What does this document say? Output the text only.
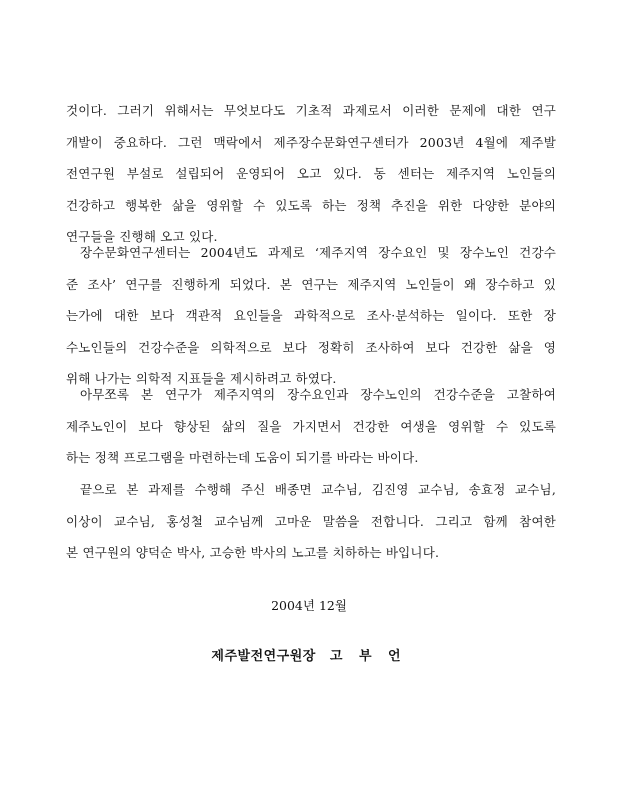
것이다. 그러기 위해서는 무엇보다도 기초적 과제로서 이러한 문제에 대한 연구
개발이 중요하다. 그런 맥락에서 제주장수문화연구센터가 2003년 4월에 제주발
전연구원 부설로 설립되어 운영되어 오고 있다. 동 센터는 제주지역 노인들의
건강하고 행복한 삶을 영위할 수 있도록 하는 정책 추진을 위한 다양한 분야의
연구들을 진행해 오고 있다.
장수문화연구센터는 2004년도 과제로 ‘제주지역 장수요인 및 장수노인 건강수
준 조사’ 연구를 진행하게 되었다. 본 연구는 제주지역 노인들이 왜 장수하고 있
는가에 대한 보다 객관적 요인들을 과학적으로 조사·분석하는 일이다. 또한 장
수노인들의 건강수준을 의학적으로 보다 정확히 조사하여 보다 건강한 삶을 영
위해 나가는 의학적 지표들을 제시하려고 하였다.
아무쪼록 본 연구가 제주지역의 장수요인과 장수노인의 건강수준을 고찰하여
제주노인이 보다 향상된 삶의 질을 가지면서 건강한 여생을 영위할 수 있도록
하는 정책 프로그램을 마련하는데 도움이 되기를 바라는 바이다.
끝으로 본 과제를 수행해 주신 배종면 교수님, 김진영 교수님, 송효정 교수님,
이상이 교수님, 홍성철 교수님께 고마운 말씀을 전합니다. 그리고 함께 참여한
본 연구원의 양덕순 박사, 고승한 박사의 노고를 치하하는 바입니다.
2004년 12월
제주발전연구원장 고 부 언
